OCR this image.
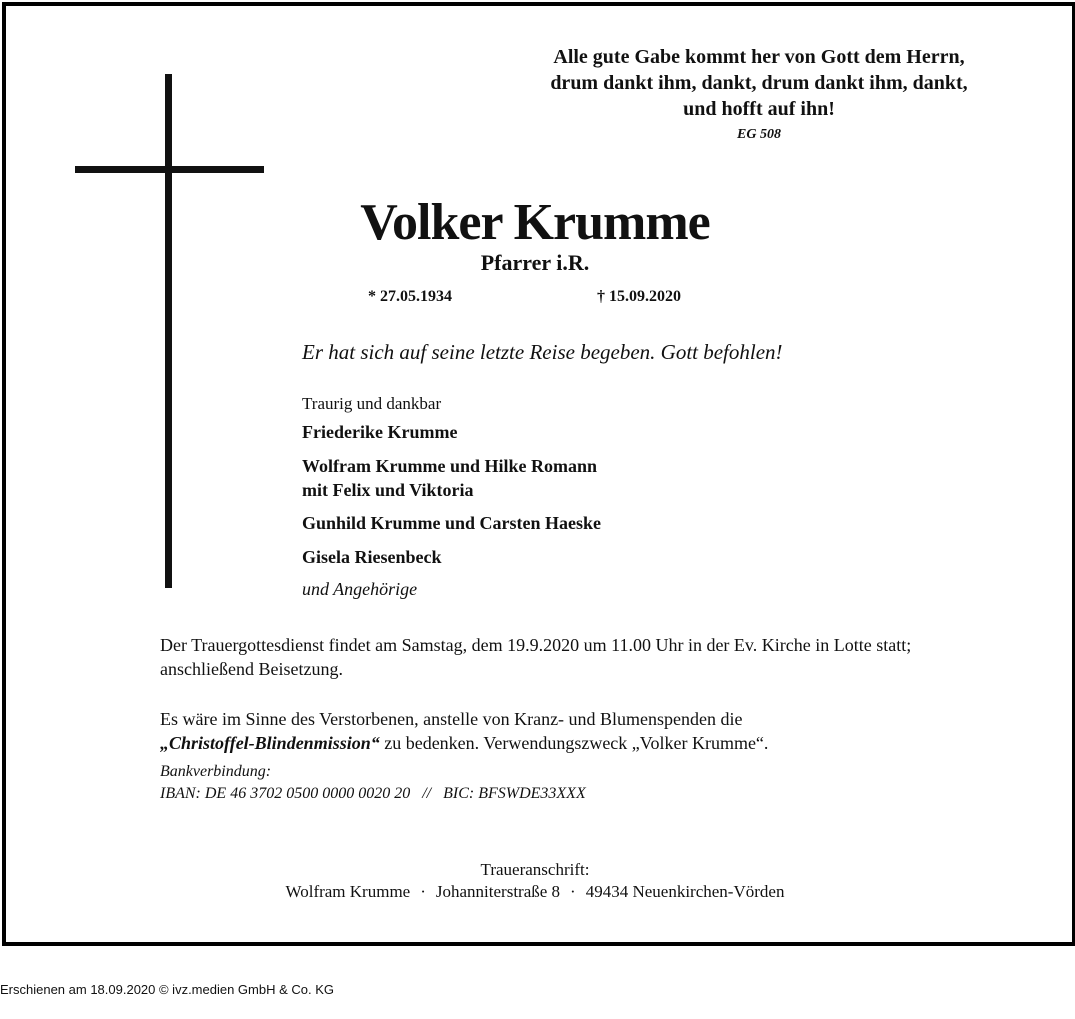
Alle gute Gabe kommt her von Gott dem Herrn,
drum dankt ihm, dankt, drum dankt ihm, dankt,
und hofft auf ihn!
EG 508
Volker Krumme
Pfarrer i.R.
* 27.05.1934	† 15.09.2020
Er hat sich auf seine letzte Reise begeben. Gott befohlen!
Traurig und dankbar
Friederike Krumme
Wolfram Krumme und Hilke Romann
mit Felix und Viktoria
Gunhild Krumme und Carsten Haeske
Gisela Riesenbeck
und Angehörige
Der Trauergottesdienst findet am Samstag, dem 19.9.2020 um 11.00 Uhr in der Ev. Kirche in Lotte statt;
anschließend Beisetzung.
Es wäre im Sinne des Verstorbenen, anstelle von Kranz- und Blumenspenden die
„Christoffel-Blindenmission“ zu bedenken. Verwendungszweck „Volker Krumme“.
Bankverbindung:
IBAN: DE 46 3702 0500 0000 0020 20   //   BIC: BFSWDE33XXX
Traueranschrift:
Wolfram Krumme · Johanniterstraße 8 · 49434 Neuenkirchen-Vörden
Erschienen am 18.09.2020 © ivz.medien GmbH & Co. KG
